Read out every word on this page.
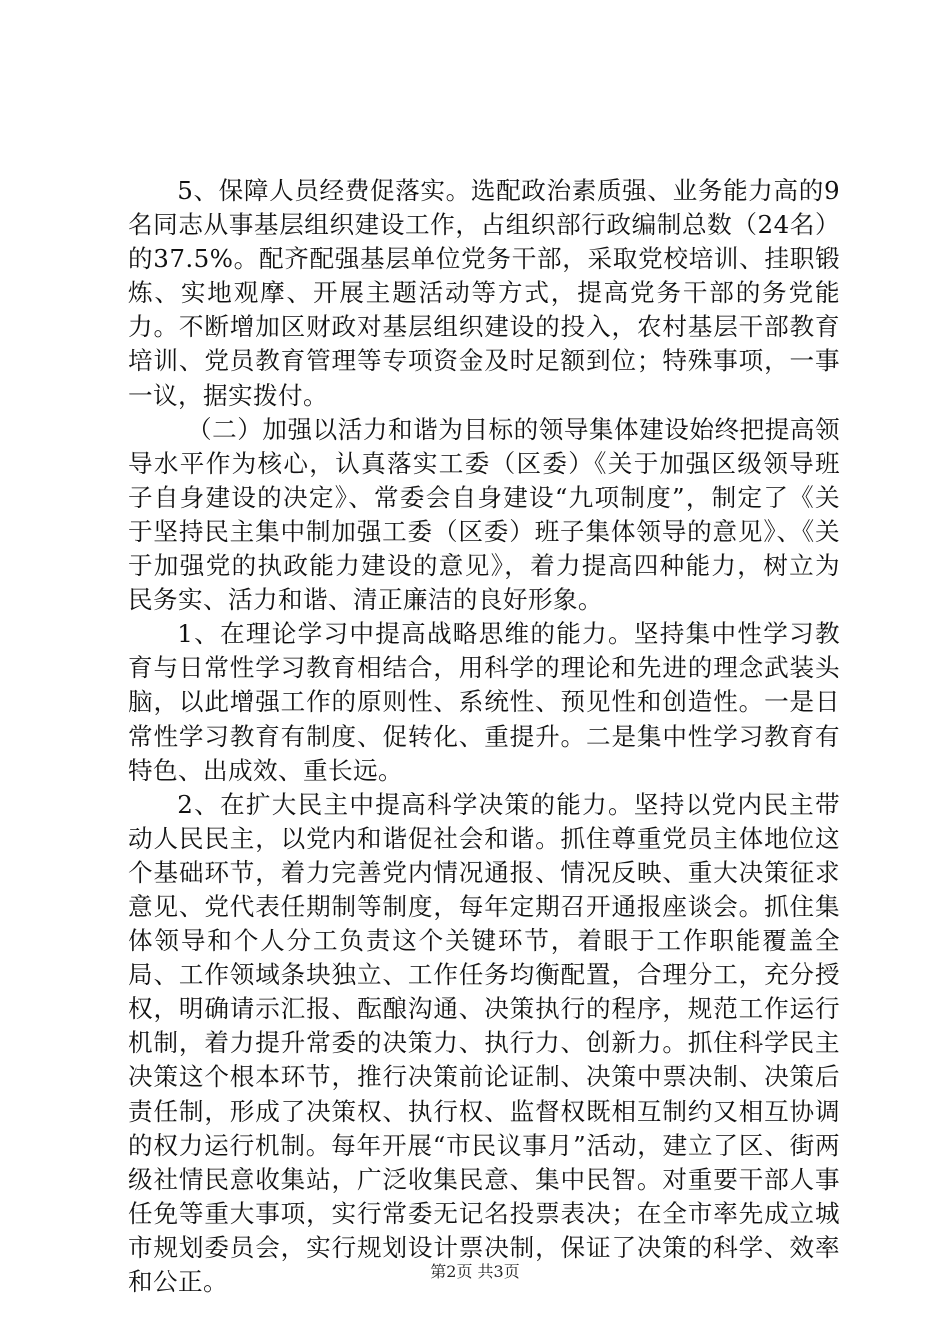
5、保障人员经费促落实。选配政治素质强、业务能力高的9名同志从事基层组织建设工作，占组织部行政编制总数（24名）的37.5%。配齐配强基层单位党务干部，采取党校培训、挂职锻炼、实地观摩、开展主题活动等方式，提高党务干部的务党能力。不断增加区财政对基层组织建设的投入，农村基层干部教育培训、党员教育管理等专项资金及时足额到位；特殊事项，一事一议，据实拨付。

（二）加强以活力和谐为目标的领导集体建设始终把提高领导水平作为核心，认真落实工委（区委）《关于加强区级领导班子自身建设的决定》、常委会自身建设“九项制度”，制定了《关于坚持民主集中制加强工委（区委）班子集体领导的意见》、《关于加强党的执政能力建设的意见》，着力提高四种能力，树立为民务实、活力和谐、清正廉洁的良好形象。

1、在理论学习中提高战略思维的能力。坚持集中性学习教育与日常性学习教育相结合，用科学的理论和先进的理念武装头脑，以此增强工作的原则性、系统性、预见性和创造性。一是日常性学习教育有制度、促转化、重提升。二是集中性学习教育有特色、出成效、重长远。

2、在扩大民主中提高科学决策的能力。坚持以党内民主带动人民民主，以党内和谐促社会和谐。抓住尊重党员主体地位这个基础环节，着力完善党内情况通报、情况反映、重大决策征求意见、党代表任期制等制度，每年定期召开通报座谈会。抓住集体领导和个人分工负责这个关键环节，着眼于工作职能覆盖全局、工作领域条块独立、工作任务均衡配置，合理分工，充分授权，明确请示汇报、酝酿沟通、决策执行的程序，规范工作运行机制，着力提升常委的决策力、执行力、创新力。抓住科学民主决策这个根本环节，推行决策前论证制、决策中票决制、决策后责任制，形成了决策权、执行权、监督权既相互制约又相互协调的权力运行机制。每年开展“市民议事月”活动，建立了区、街两级社情民意收集站，广泛收集民意、集中民智。对重要干部人事任免等重大事项，实行常委无记名投票表决；在全市率先成立城市规划委员会，实行规划设计票决制，保证了决策的科学、效率和公正。	第2页 共3页
